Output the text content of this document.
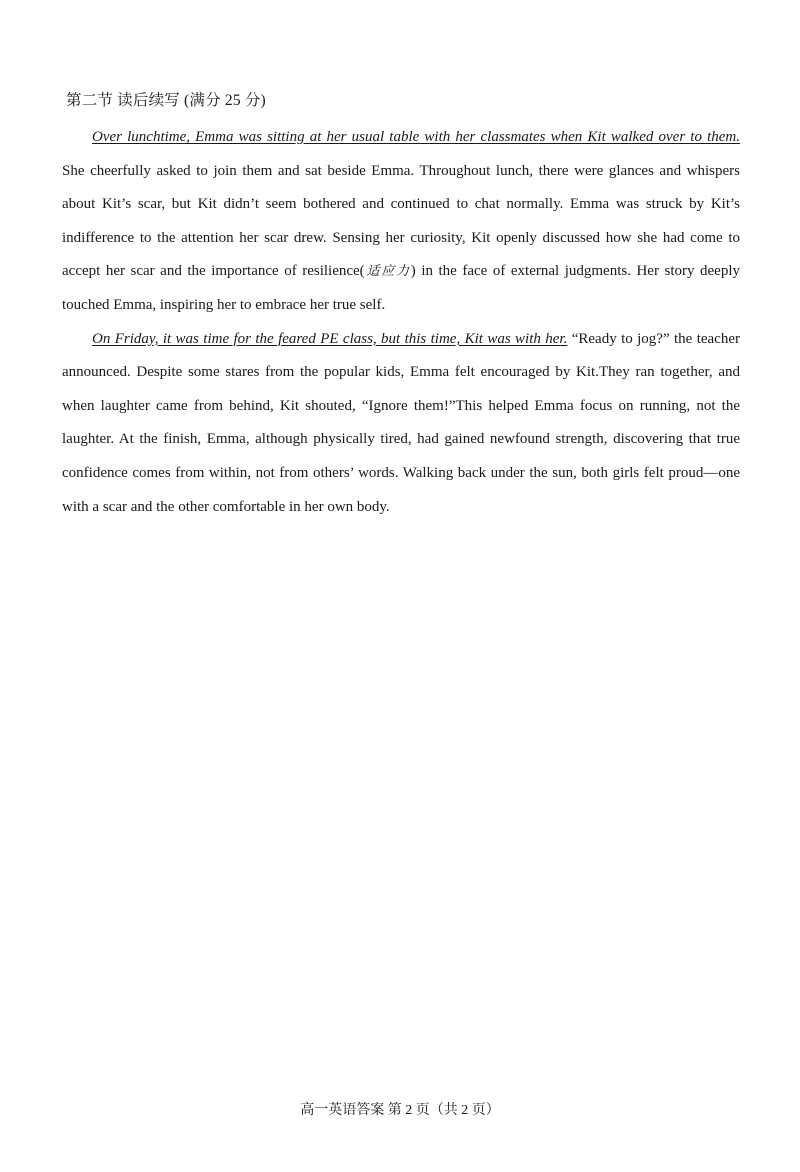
第二节 读后续写 (满分 25 分)

Over lunchtime, Emma was sitting at her usual table with her classmates when Kit walked over to them. She cheerfully asked to join them and sat beside Emma. Throughout lunch, there were glances and whispers about Kit’s scar, but Kit didn’t seem bothered and continued to chat normally. Emma was struck by Kit’s indifference to the attention her scar drew. Sensing her curiosity, Kit openly discussed how she had come to accept her scar and the importance of resilience(适应力) in the face of external judgments. Her story deeply touched Emma, inspiring her to embrace her true self.

On Friday, it was time for the feared PE class, but this time, Kit was with her. “Ready to jog?” the teacher announced. Despite some stares from the popular kids, Emma felt encouraged by Kit.They ran together, and when laughter came from behind, Kit shouted, “Ignore them!”This helped Emma focus on running, not the laughter. At the finish, Emma, although physically tired, had gained newfound strength, discovering that true confidence comes from within, not from others’ words. Walking back under the sun, both girls felt proud—one with a scar and the other comfortable in her own body.

高一英语答案 第 2 页（共 2 页）
